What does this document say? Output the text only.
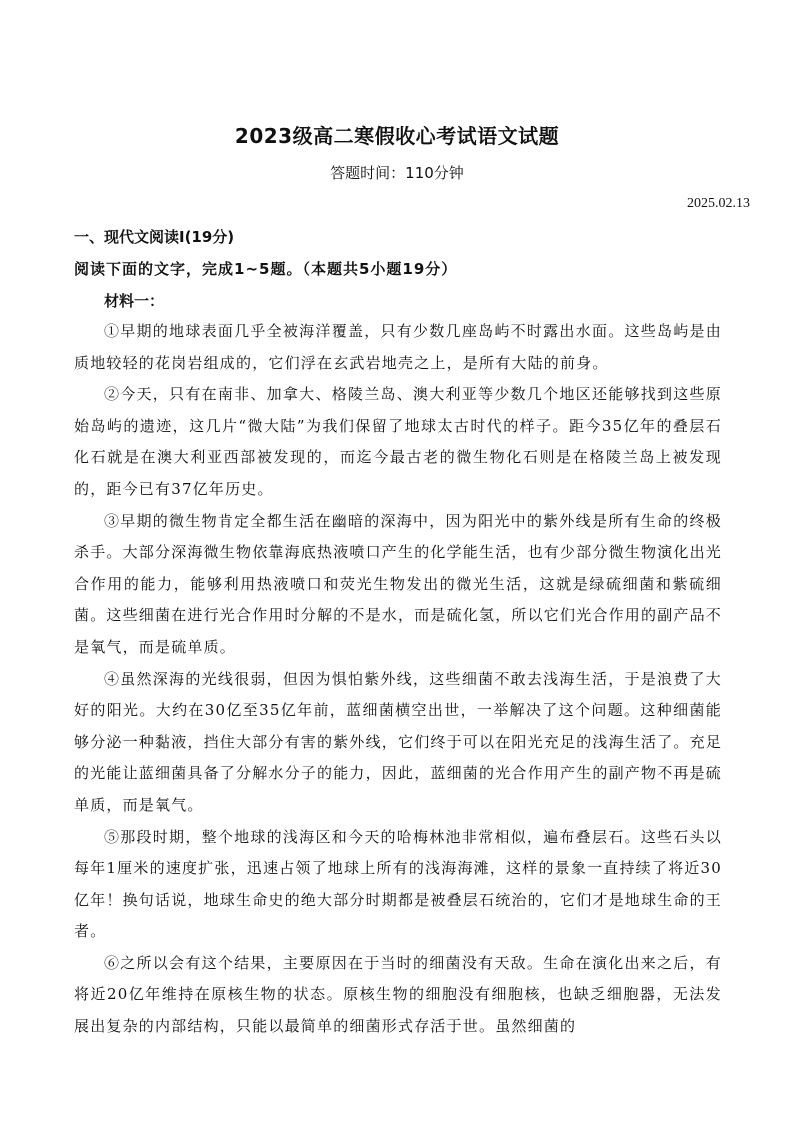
2023级高二寒假收心考试语文试题
答题时间：110分钟
2025.02.13
一、现代文阅读I(19分)
阅读下面的文字，完成1~5题。（本题共5小题19分）
材料一：

①早期的地球表面几乎全被海洋覆盖，只有少数几座岛屿不时露出水面。这些岛屿是由质地较轻的花岗岩组成的，它们浮在玄武岩地壳之上，是所有大陆的前身。

②今天，只有在南非、加拿大、格陵兰岛、澳大利亚等少数几个地区还能够找到这些原始岛屿的遗迹，这几片“微大陆”为我们保留了地球太古时代的样子。距今35亿年的叠层石化石就是在澳大利亚西部被发现的，而迄今最古老的微生物化石则是在格陵兰岛上被发现的，距今已有37亿年历史。

③早期的微生物肯定全都生活在幽暗的深海中，因为阳光中的紫外线是所有生命的终极杀手。大部分深海微生物依靠海底热液喷口产生的化学能生活，也有少部分微生物演化出光合作用的能力，能够利用热液喷口和荧光生物发出的微光生活，这就是绿硫细菌和紫硫细菌。这些细菌在进行光合作用时分解的不是水，而是硫化氢，所以它们光合作用的副产品不是氧气，而是硫单质。

④虽然深海的光线很弱，但因为惧怕紫外线，这些细菌不敢去浅海生活，于是浪费了大好的阳光。大约在30亿至35亿年前，蓝细菌横空出世，一举解决了这个问题。这种细菌能够分泌一种黏液，挡住大部分有害的紫外线，它们终于可以在阳光充足的浅海生活了。充足的光能让蓝细菌具备了分解水分子的能力，因此，蓝细菌的光合作用产生的副产物不再是硫单质，而是氧气。

⑤那段时期，整个地球的浅海区和今天的哈梅林池非常相似，遍布叠层石。这些石头以每年1厘米的速度扩张，迅速占领了地球上所有的浅海海滩，这样的景象一直持续了将近30亿年！换句话说，地球生命史的绝大部分时期都是被叠层石统治的，它们才是地球生命的王者。

⑥之所以会有这个结果，主要原因在于当时的细菌没有天敌。生命在演化出来之后，有将近20亿年维持在原核生物的状态。原核生物的细胞没有细胞核，也缺乏细胞器，无法发展出复杂的内部结构，只能以最简单的细菌形式存活于世。虽然细菌的
